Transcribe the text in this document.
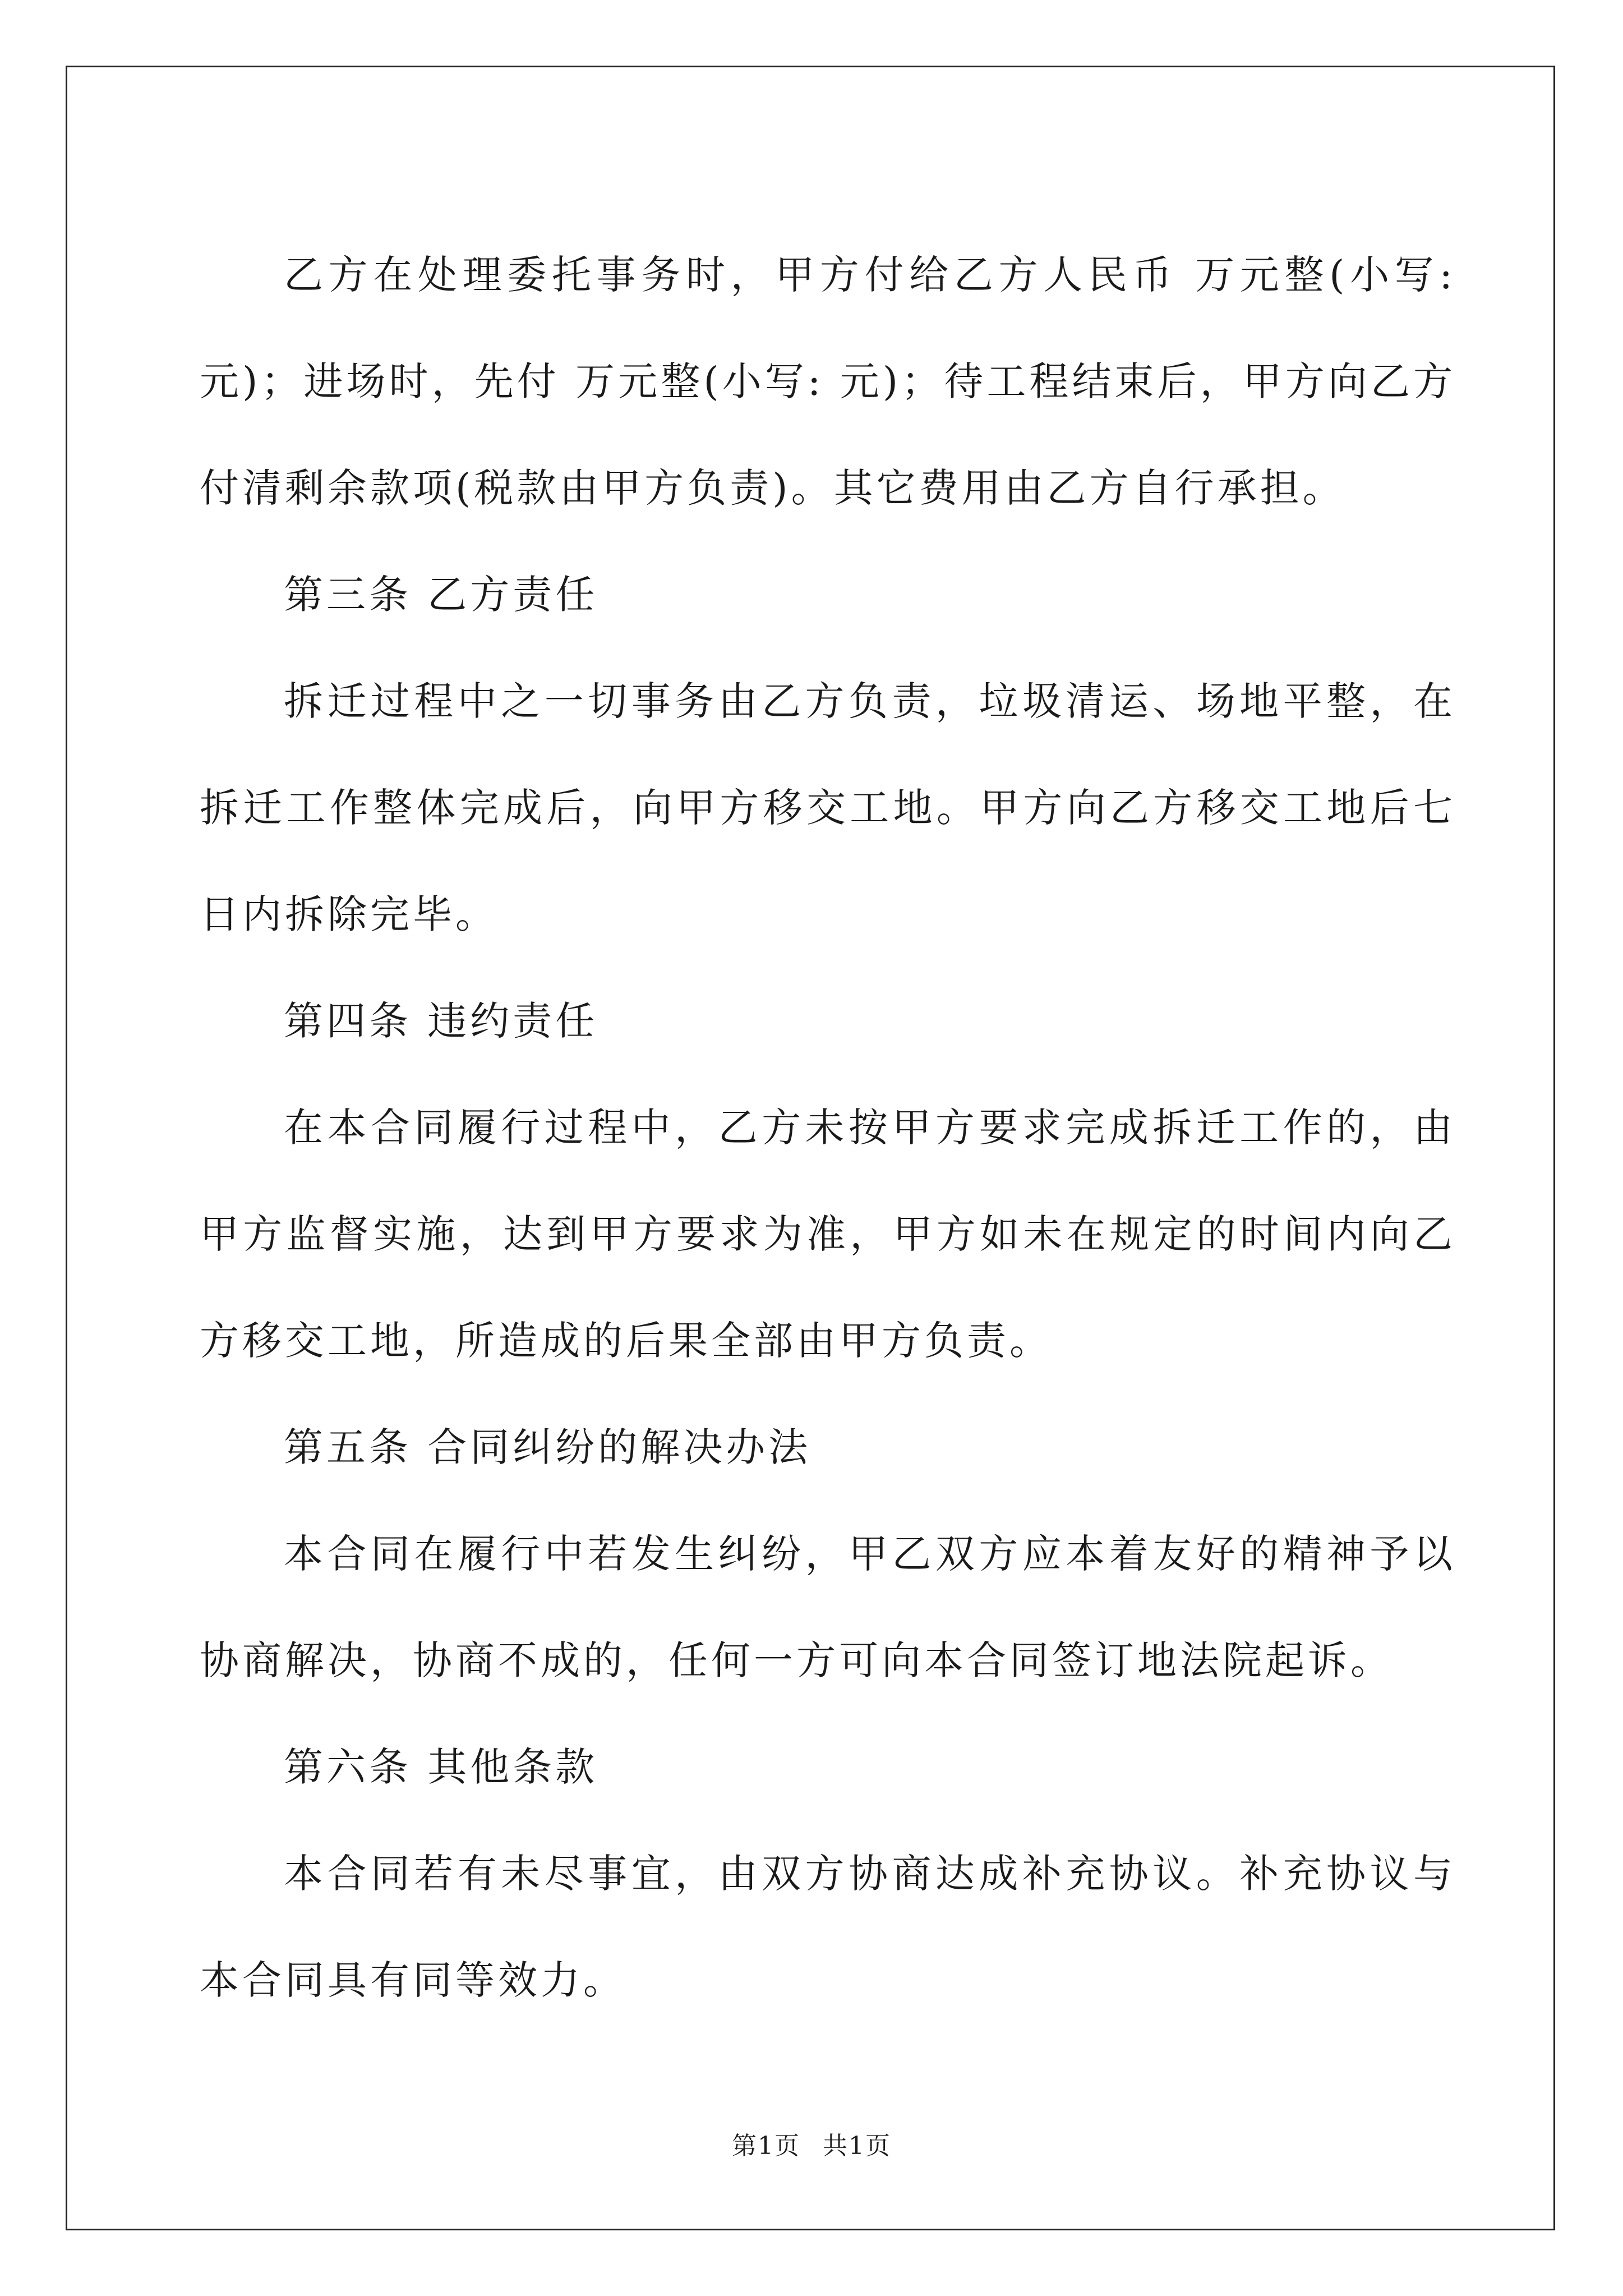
乙方在处理委托事务时，甲方付给乙方人民币 万元整(小写: 元)；进场时，先付 万元整(小写: 元)；待工程结束后，甲方向乙方付清剩余款项(税款由甲方负责)。其它费用由乙方自行承担。

第三条 乙方责任

拆迁过程中之一切事务由乙方负责，垃圾清运、场地平整，在拆迁工作整体完成后，向甲方移交工地。甲方向乙方移交工地后七日内拆除完毕。

第四条 违约责任

在本合同履行过程中，乙方未按甲方要求完成拆迁工作的，由甲方监督实施，达到甲方要求为准，甲方如未在规定的时间内向乙方移交工地，所造成的后果全部由甲方负责。

第五条 合同纠纷的解决办法

本合同在履行中若发生纠纷，甲乙双方应本着友好的精神予以协商解决，协商不成的，任何一方可向本合同签订地法院起诉。

第六条 其他条款

本合同若有未尽事宜，由双方协商达成补充协议。补充协议与本合同具有同等效力。

第1页 共1页
